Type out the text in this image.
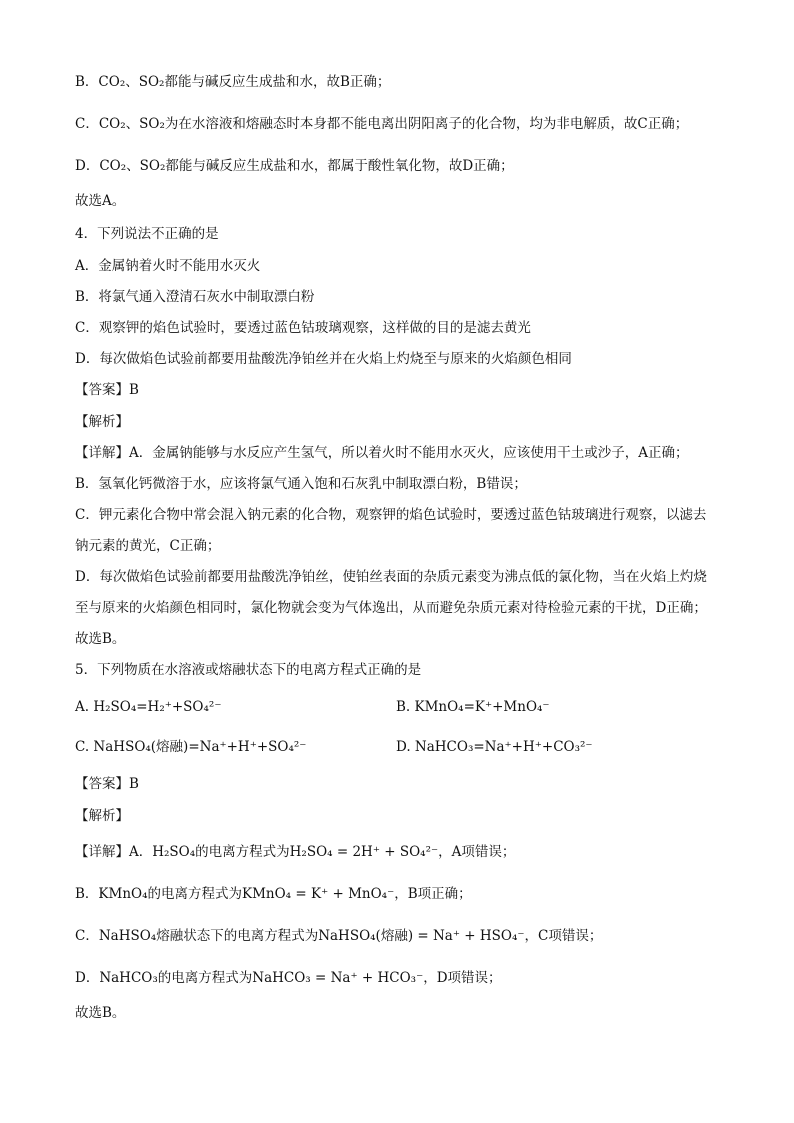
B．CO₂、SO₂都能与碱反应生成盐和水，故B正确；
C．CO₂、SO₂为在水溶液和熔融态时本身都不能电离出阴阳离子的化合物，均为非电解质，故C正确；
D．CO₂、SO₂都能与碱反应生成盐和水，都属于酸性氧化物，故D正确；
故选A。
4．下列说法不正确的是
A．金属钠着火时不能用水灭火
B．将氯气通入澄清石灰水中制取漂白粉
C．观察钾的焰色试验时，要透过蓝色钴玻璃观察，这样做的目的是滤去黄光
D．每次做焰色试验前都要用盐酸洗净铂丝并在火焰上灼烧至与原来的火焰颜色相同
【答案】B
【解析】
【详解】A．金属钠能够与水反应产生氢气，所以着火时不能用水灭火，应该使用干土或沙子，A正确；
B．氢氧化钙微溶于水，应该将氯气通入饱和石灰乳中制取漂白粉，B错误；
C．钾元素化合物中常会混入钠元素的化合物，观察钾的焰色试验时，要透过蓝色钴玻璃进行观察，以滤去
钠元素的黄光，C正确；
D．每次做焰色试验前都要用盐酸洗净铂丝，使铂丝表面的杂质元素变为沸点低的氯化物，当在火焰上灼烧
至与原来的火焰颜色相同时，氯化物就会变为气体逸出，从而避免杂质元素对待检验元素的干扰，D正确；
故选B。
5．下列物质在水溶液或熔融状态下的电离方程式正确的是
A. H₂SO₄=H₂⁺+SO₄²⁻	B. KMnO₄=K⁺+MnO₄⁻
C. NaHSO₄(熔融)=Na⁺+H⁺+SO₄²⁻	D. NaHCO₃=Na⁺+H⁺+CO₃²⁻
【答案】B
【解析】
【详解】A．H₂SO₄的电离方程式为H₂SO₄ = 2H⁺ + SO₄²⁻，A项错误；
B．KMnO₄的电离方程式为KMnO₄ = K⁺ + MnO₄⁻，B项正确；
C．NaHSO₄熔融状态下的电离方程式为NaHSO₄(熔融) = Na⁺ + HSO₄⁻，C项错误；
D．NaHCO₃的电离方程式为NaHCO₃ = Na⁺ + HCO₃⁻，D项错误；
故选B。
